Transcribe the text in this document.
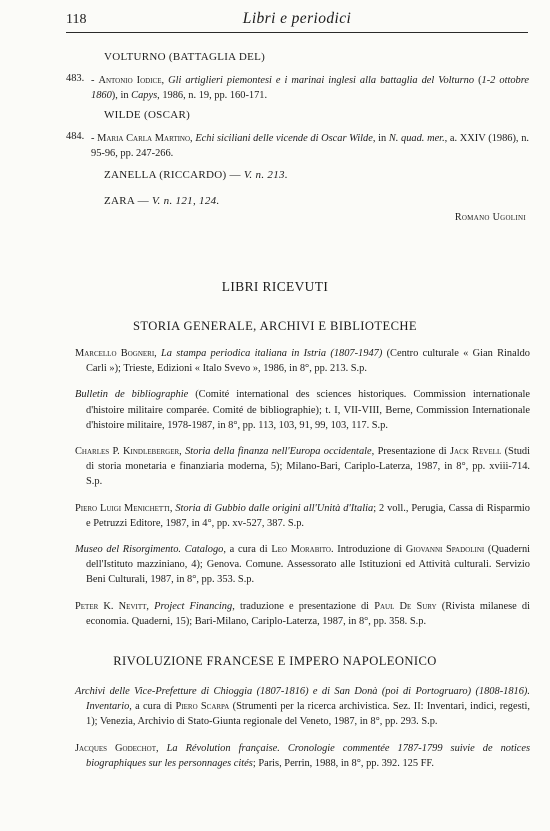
118	Libri e periodici
VOLTURNO (BATTAGLIA DEL)
483. - Antonio Iodice, Gli artiglieri piemontesi e i marinai inglesi alla battaglia del Volturno (1-2 ottobre 1860), in Capys, 1986, n. 19, pp. 160-171.

WILDE (OSCAR)
484. - Maria Carla Martino, Echi siciliani delle vicende di Oscar Wilde, in N. quad. mer., a. XXIV (1986), n. 95-96, pp. 247-266.

ZANELLA (RICCARDO) — V. n. 213.
ZARA — V. n. 121, 124.
Romano Ugolini
LIBRI RICEVUTI
STORIA GENERALE, ARCHIVI E BIBLIOTECHE

Marcello Bogneri, La stampa periodica italiana in Istria (1807-1947) (Centro culturale « Gian Rinaldo Carli »); Trieste, Edizioni « Italo Svevo », 1986, in 8°, pp. 213. S.p.

Bulletin de bibliographie (Comité international des sciences historiques. Commission internationale d'histoire militaire comparée. Comité de bibliographie); t. I, VII-VIII, Berne, Commission Internationale d'histoire militaire, 1978-1987, in 8°, pp. 113, 103, 91, 99, 103, 117. S.p.

Charles P. Kindleberger, Storia della finanza nell'Europa occidentale, Presentazione di Jack Revell (Studi di storia monetaria e finanziaria moderna, 5); Milano-Bari, Cariplo-Laterza, 1987, in 8°, pp. xviii-714. S.p.

Piero Luigi Menichetti, Storia di Gubbio dalle origini all'Unità d'Italia; 2 voll., Perugia, Cassa di Risparmio e Petruzzi Editore, 1987, in 4°, pp. xv-527, 387. S.p.

Museo del Risorgimento. Catalogo, a cura di Leo Morabito. Introduzione di Giovanni Spadolini (Quaderni dell'Istituto mazziniano, 4); Genova. Comune. Assessorato alle Istituzioni ed Attività culturali. Servizio Beni Culturali, 1987, in 8°, pp. 353. S.p.

Peter K. Nevitt, Project Financing, traduzione e presentazione di Paul De Sury (Rivista milanese di economia. Quaderni, 15); Bari-Milano, Cariplo-Laterza, 1987, in 8°, pp. 358. S.p.

RIVOLUZIONE FRANCESE E IMPERO NAPOLEONICO

Archivi delle Vice-Prefetture di Chioggia (1807-1816) e di San Donà (poi di Portogruaro) (1808-1816). Inventario, a cura di Piero Scarpa (Strumenti per la ricerca archivistica. Sez. II: Inventari, indici, regesti, 1); Venezia, Archivio di Stato-Giunta regionale del Veneto, 1987, in 8°, pp. 293. S.p.

Jacques Godechot, La Révolution française. Cronologie commentée 1787-1799 suivie de notices biographiques sur les personnages cités; Paris, Perrin, 1988, in 8°, pp. 392. 125 FF.
